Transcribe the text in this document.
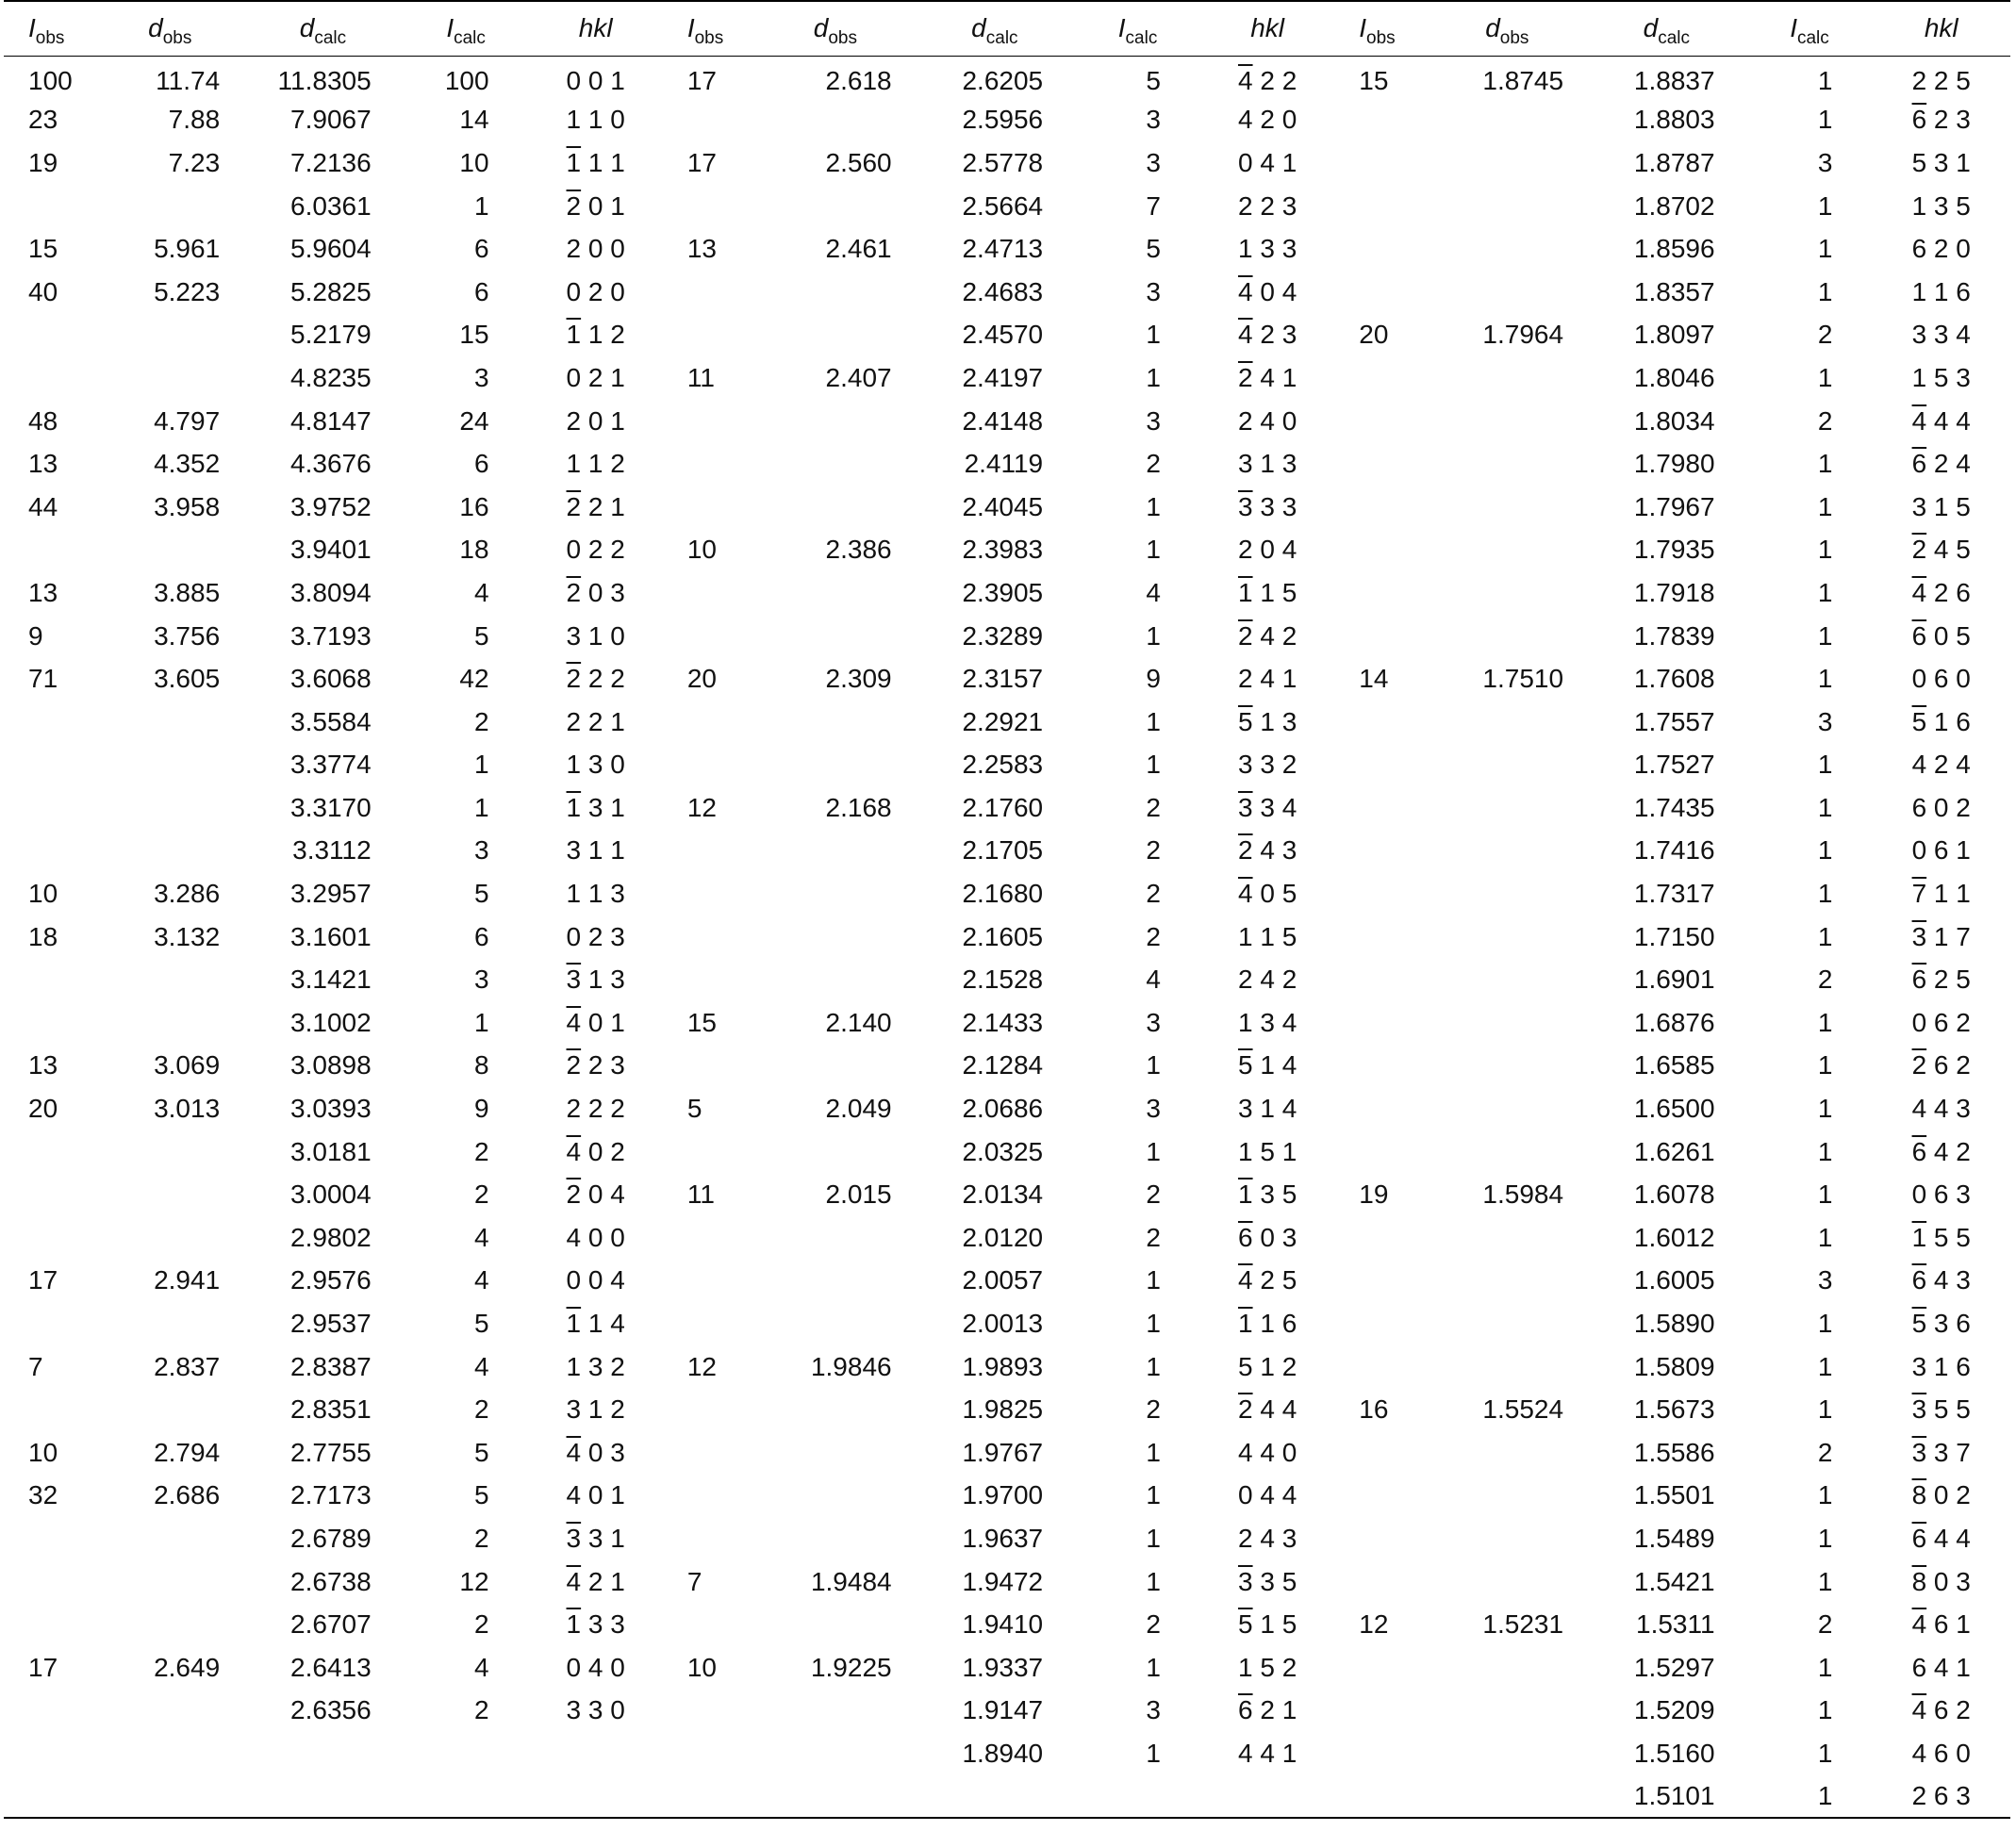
$I_{obs}$	$d_{obs}$	$d_{calc}$	$I_{calc}$	hkl	$I_{obs}$	$d_{obs}$	$d_{calc}$	$I_{calc}$	hkl	$I_{obs}$	$d_{obs}$	$d_{calc}$	$I_{calc}$	hkl
100	11.74	11.8305	100	0 0 1	17	2.618	2.6205	5	4 2 2	15	1.8745	1.8837	1	2 2 5
23	7.88	7.9067	14	1 1 0			2.5956	3	4 2 0			1.8803	1	6 2 3
19	7.23	7.2136	10	1 1 1	17	2.560	2.5778	3	0 4 1			1.8787	3	5 3 1
		6.0361	1	2 0 1			2.5664	7	2 2 3			1.8702	1	1 3 5
15	5.961	5.9604	6	2 0 0	13	2.461	2.4713	5	1 3 3			1.8596	1	6 2 0
40	5.223	5.2825	6	0 2 0			2.4683	3	4 0 4			1.8357	1	1 1 6
		5.2179	15	1 1 2			2.4570	1	4 2 3	20	1.7964	1.8097	2	3 3 4
		4.8235	3	0 2 1	11	2.407	2.4197	1	2 4 1			1.8046	1	1 5 3
48	4.797	4.8147	24	2 0 1			2.4148	3	2 4 0			1.8034	2	4 4 4
13	4.352	4.3676	6	1 1 2			2.4119	2	3 1 3			1.7980	1	6 2 4
44	3.958	3.9752	16	2 2 1			2.4045	1	3 3 3			1.7967	1	3 1 5
		3.9401	18	0 2 2	10	2.386	2.3983	1	2 0 4			1.7935	1	2 4 5
13	3.885	3.8094	4	2 0 3			2.3905	4	1 1 5			1.7918	1	4 2 6
9	3.756	3.7193	5	3 1 0			2.3289	1	2 4 2			1.7839	1	6 0 5
71	3.605	3.6068	42	2 2 2	20	2.309	2.3157	9	2 4 1	14	1.7510	1.7608	1	0 6 0
		3.5584	2	2 2 1			2.2921	1	5 1 3			1.7557	3	5 1 6
		3.3774	1	1 3 0			2.2583	1	3 3 2			1.7527	1	4 2 4
		3.3170	1	1 3 1	12	2.168	2.1760	2	3 3 4			1.7435	1	6 0 2
		3.3112	3	3 1 1			2.1705	2	2 4 3			1.7416	1	0 6 1
10	3.286	3.2957	5	1 1 3			2.1680	2	4 0 5			1.7317	1	7 1 1
18	3.132	3.1601	6	0 2 3			2.1605	2	1 1 5			1.7150	1	3 1 7
		3.1421	3	3 1 3			2.1528	4	2 4 2			1.6901	2	6 2 5
		3.1002	1	4 0 1	15	2.140	2.1433	3	1 3 4			1.6876	1	0 6 2
13	3.069	3.0898	8	2 2 3			2.1284	1	5 1 4			1.6585	1	2 6 2
20	3.013	3.0393	9	2 2 2	5	2.049	2.0686	3	3 1 4			1.6500	1	4 4 3
		3.0181	2	4 0 2			2.0325	1	1 5 1			1.6261	1	6 4 2
		3.0004	2	2 0 4	11	2.015	2.0134	2	1 3 5	19	1.5984	1.6078	1	0 6 3
		2.9802	4	4 0 0			2.0120	2	6 0 3			1.6012	1	1 5 5
17	2.941	2.9576	4	0 0 4			2.0057	1	4 2 5			1.6005	3	6 4 3
		2.9537	5	1 1 4			2.0013	1	1 1 6			1.5890	1	5 3 6
7	2.837	2.8387	4	1 3 2	12	1.9846	1.9893	1	5 1 2			1.5809	1	3 1 6
		2.8351	2	3 1 2			1.9825	2	2 4 4	16	1.5524	1.5673	1	3 5 5
10	2.794	2.7755	5	4 0 3			1.9767	1	4 4 0			1.5586	2	3 3 7
32	2.686	2.7173	5	4 0 1			1.9700	1	0 4 4			1.5501	1	8 0 2
		2.6789	2	3 3 1			1.9637	1	2 4 3			1.5489	1	6 4 4
		2.6738	12	4 2 1	7	1.9484	1.9472	1	3 3 5			1.5421	1	8 0 3
		2.6707	2	1 3 3			1.9410	2	5 1 5	12	1.5231	1.5311	2	4 6 1
17	2.649	2.6413	4	0 4 0	10	1.9225	1.9337	1	1 5 2			1.5297	1	6 4 1
		2.6356	2	3 3 0			1.9147	3	6 2 1			1.5209	1	4 6 2
							1.8940	1	4 4 1			1.5160	1	4 6 0
												1.5101	1	2 6 3
